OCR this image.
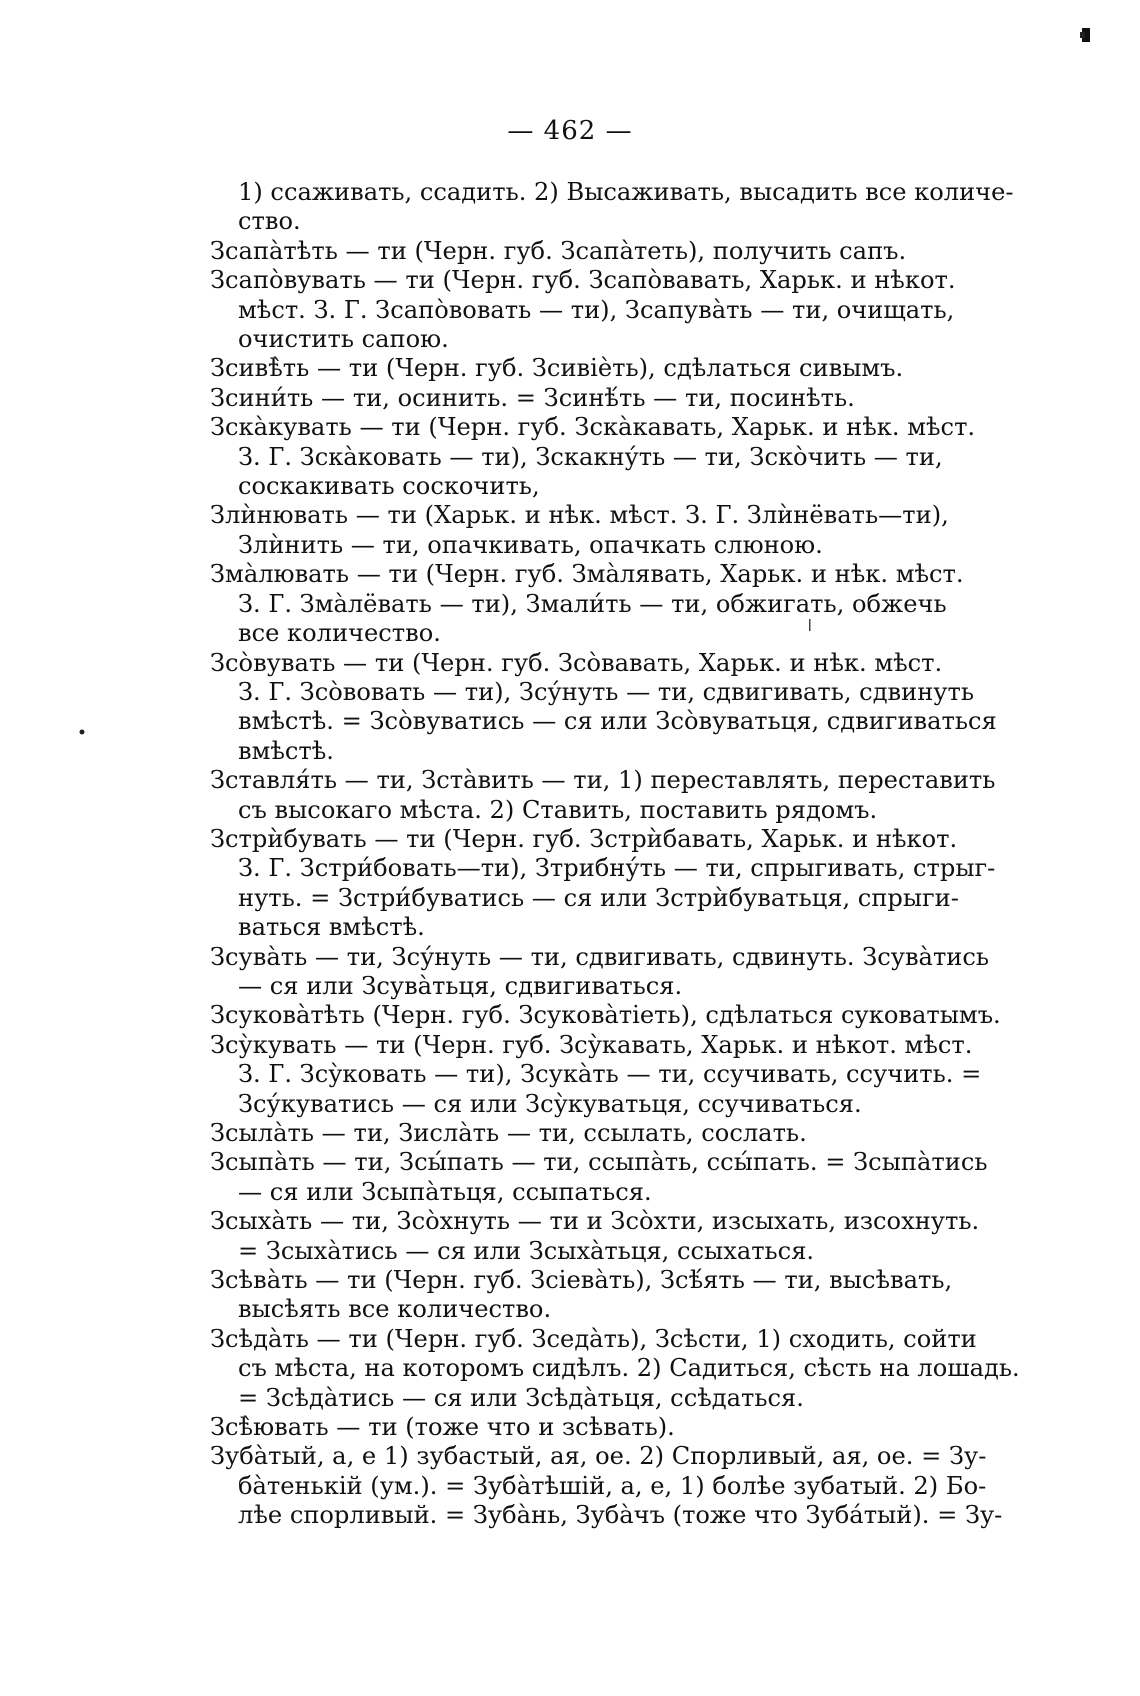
— 462 —
1) ссаживать, ссадить. 2) Высаживать, высадить все количе-
ство.
Зсапа̀тѣть — ти (Черн. губ. Зсапа̀теть), получить сапъ.
Зсапо̀вувать — ти (Черн. губ. Зсапо̀вавать, Харьк. и нѣкот.
мѣст. З. Г. Зсапо̀вовать — ти), Зсапува̀ть — ти, очищать,
очистить сапою.
Зсивѣ̀ть — ти (Черн. губ. Зсивіѐть), сдѣлаться сивымъ.
Зсини́ть — ти, осинить. = Зсинѣ́ть — ти, посинѣть.
Зска̀кувать — ти (Черн. губ. Зска̀кавать, Харьк. и нѣк. мѣст.
З. Г. Зска̀ковать — ти), Зскакну́ть — ти, Зско̀чить — ти,
соскакивать соскочить,
Злѝнювать — ти (Харьк. и нѣк. мѣст. З. Г. Злѝнёвать—ти),
Злѝнить — ти, опачкивать, опачкать слюною.
Зма̀лювать — ти (Черн. губ. Зма̀лявать, Харьк. и нѣк. мѣст.
З. Г. Зма̀лёвать — ти), Змали́ть — ти, обжигать, обжечь
все количество.
Зсо̀вувать — ти (Черн. губ. Зсо̀вавать, Харьк. и нѣк. мѣст.
З. Г. Зсо̀вовать — ти), Зсу́нуть — ти, сдвигивать, сдвинуть
вмѣстѣ. = Зсо̀вуватись — ся или Зсо̀вуватьця, сдвигиваться
вмѣстѣ.
Зставля́ть — ти, Зста̀вить — ти, 1) переставлять, переставить
съ высокаго мѣста. 2) Ставить, поставить рядомъ.
Зстрѝбувать — ти (Черн. губ. Зстрѝбавать, Харьк. и нѣкот.
З. Г. Зстри́бовать—ти), Зтрибну́ть — ти, спрыгивать, стрыг-
нуть. = Зстри́буватись — ся или Зстрѝбуватьця, спрыги-
ваться вмѣстѣ.
Зсува̀ть — ти, Зсу́нуть — ти, сдвигивать, сдвинуть. Зсува̀тись
— ся или Зсува̀тьця, сдвигиваться.
Зсукова̀тѣть (Черн. губ. Зсукова̀тіеть), сдѣлаться суковатымъ.
Зсу̀кувать — ти (Черн. губ. Зсу̀кавать, Харьк. и нѣкот. мѣст.
З. Г. Зсу̀ковать — ти), Зсука̀ть — ти, ссучивать, ссучить. =
Зсу́куватись — ся или Зсу̀куватьця, ссучиваться.
Зсыла̀ть — ти, Зисла̀ть — ти, ссылать, сослать.
Зсыпа̀ть — ти, Зсы́пать — ти, ссыпа̀ть, ссы́пать. = Зсыпа̀тись
— ся или Зсыпа̀тьця, ссыпаться.
Зсыха̀ть — ти, Зсо̀хнуть — ти и Зсо̀хти, изсыхать, изсохнуть.
= Зсыха̀тись — ся или Зсыха̀тьця, ссыхаться.
Зсѣва̀ть — ти (Черн. губ. Зсіева̀ть), Зсѣ́ять — ти, высѣвать,
высѣять все количество.
Зсѣда̀ть — ти (Черн. губ. Зседа̀ть), Зсѣсти, 1) сходить, сойти
съ мѣста, на которомъ сидѣлъ. 2) Садиться, сѣсть на лошадь.
= Зсѣда̀тись — ся или Зсѣда̀тьця, ссѣдаться.
Зсѣ̀ювать — ти (тоже что и зсѣвать).
Зуба̀тый, а, е 1) зубастый, ая, ое. 2) Спорливый, ая, ое. = Зу-
ба̀тенькій (ум.). = Зуба̀тѣшій, а, е, 1) болѣе зубатый. 2) Бо-
лѣе спорливый. = Зуба̀нь, Зуба̀чъ (тоже что Зуба́тый). = Зу-
